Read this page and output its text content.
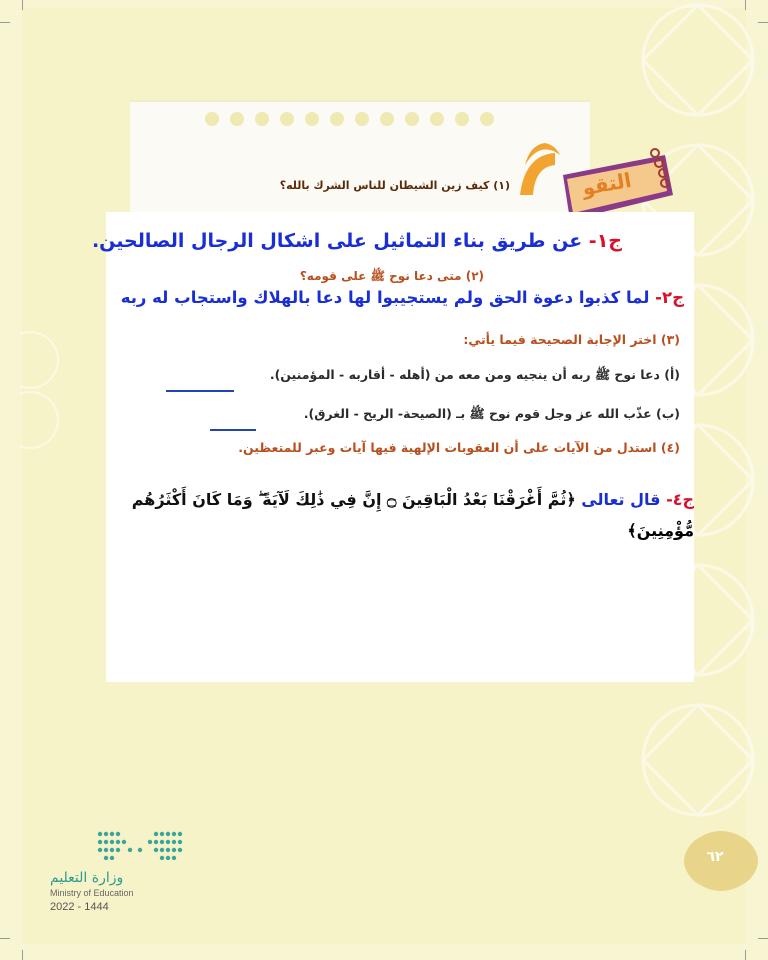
التقو
(١) كيف زين الشيطان للناس الشرك بالله؟
ج١- عن طريق بناء التماثيل على اشكال الرجال الصالحين.
(٢) متى دعا نوح ﷺ على قومه؟
ج٢- لما كذبوا دعوة الحق ولم يستجيبوا لها دعا بالهلاك واستجاب له ربه
(٣) اختر الإجابة الصحيحة فيما يأتي:
(أ) دعا نوح ﷺ ربه أن ينجيه ومن معه من (أهله - أقاربه - المؤمنين).
(ب) عذّب الله عز وجل قوم نوح ﷺ بـ (الصيحة- الريح - الغرق).
(٤) استدل من الآيات على أن العقوبات الإلهية فيها آيات وعبر للمتعظين.
ج٤- قال تعالى ﴿ثُمَّ أَغْرَقْنَا بَعْدُ الْبَاقِينَ ۝ إِنَّ فِي ذَٰلِكَ لَآيَةً ۖ وَمَا كَانَ أَكْثَرُهُم
مُّؤْمِنِينَ﴾
وزارة التعليم
Ministry of Education
2022 - 1444
٦٢
